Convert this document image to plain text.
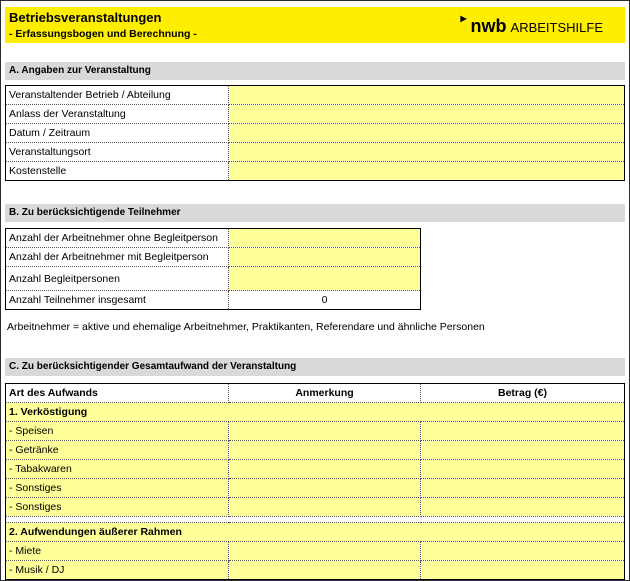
Betriebsveranstaltungen
- Erfassungsbogen und Berechnung -
▶ nwb ARBEITSHILFE
A. Angaben zur Veranstaltung
Veranstaltender Betrieb / Abteilung	
Anlass der Veranstaltung	
Datum / Zeitraum	
Veranstaltungsort	
Kostenstelle	
B. Zu berücksichtigende Teilnehmer
Anzahl der Arbeitnehmer ohne Begleitperson	
Anzahl der Arbeitnehmer mit Begleitperson	
Anzahl Begleitpersonen	
Anzahl Teilnehmer insgesamt	0
Arbeitnehmer = aktive und ehemalige Arbeitnehmer, Praktikanten, Referendare und ähnliche Personen
C. Zu berücksichtigender Gesamtaufwand der Veranstaltung
Art des Aufwands	Anmerkung	Betrag (€)
1. Verköstigung		
- Speisen		
- Getränke		
- Tabakwaren		
- Sonstiges		
- Sonstiges		

2. Aufwendungen äußerer Rahmen		
- Miete		
- Musik / DJ		
